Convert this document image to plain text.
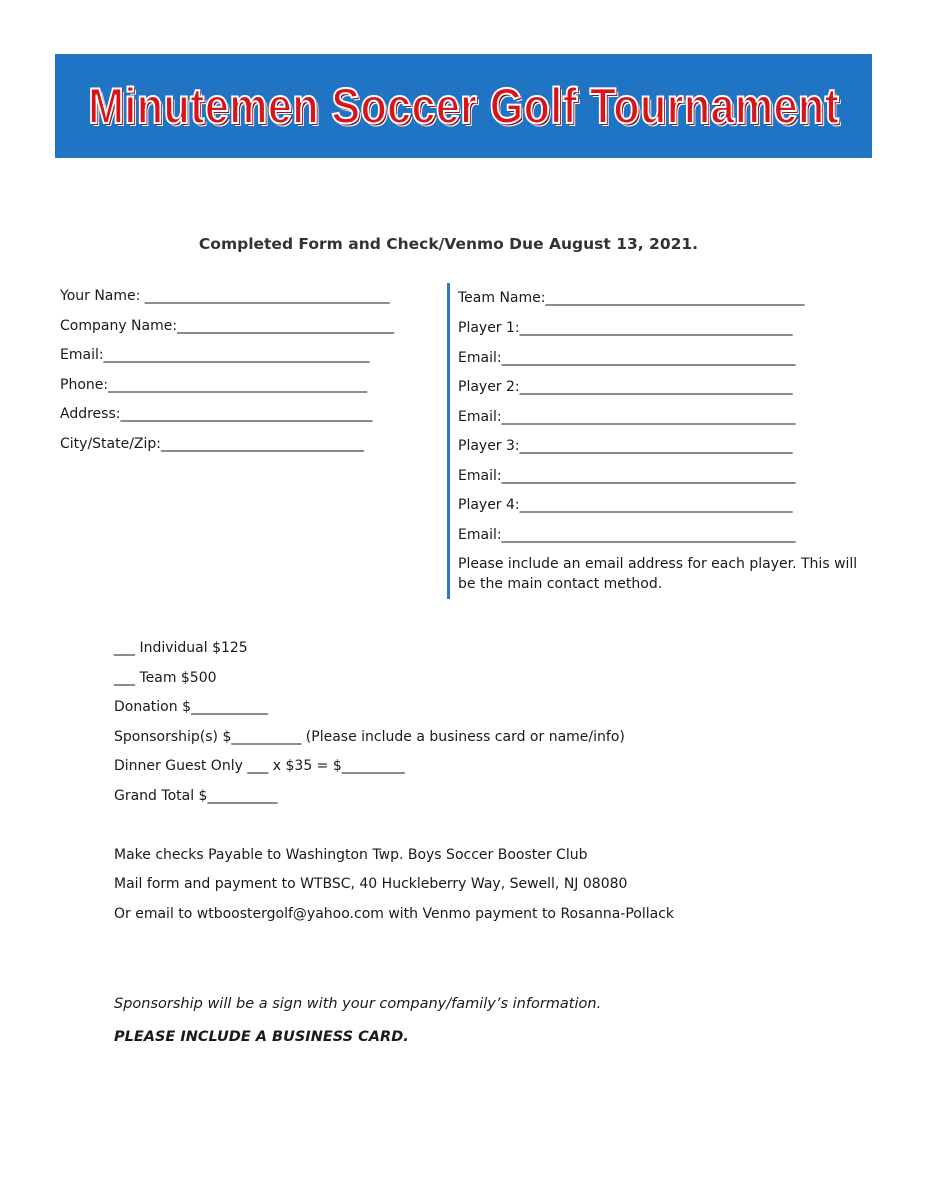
Minutemen Soccer Golf Tournament
Completed Form and Check/Venmo Due August 13, 2021.
Your Name: ___________________________________
Company Name:_______________________________
Email:______________________________________
Phone:_____________________________________
Address:____________________________________
City/State/Zip:_____________________________
Team Name:_____________________________________
Player 1:_______________________________________
Email:__________________________________________
Player 2:_______________________________________
Email:__________________________________________
Player 3:_______________________________________
Email:__________________________________________
Player 4:_______________________________________
Email:__________________________________________
Please include an email address for each player. This will be the main contact method.
___ Individual $125
___ Team $500
Donation $___________
Sponsorship(s) $__________ (Please include a business card or name/info)
Dinner Guest Only ___ x $35 = $_________
Grand Total $__________
Make checks Payable to Washington Twp. Boys Soccer Booster Club
Mail form and payment to WTBSC, 40 Huckleberry Way, Sewell, NJ 08080
Or email to wtboostergolf@yahoo.com with Venmo payment to Rosanna-Pollack
Sponsorship will be a sign with your company/family’s information.
PLEASE INCLUDE A BUSINESS CARD.
